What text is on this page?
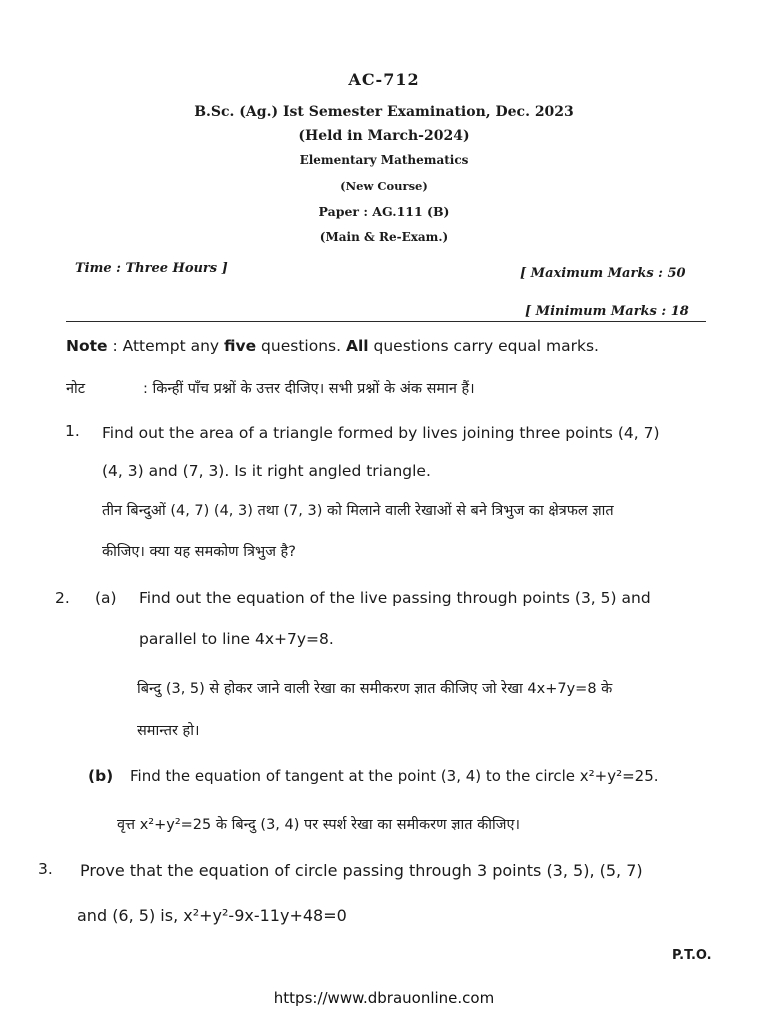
AC-712
B.Sc. (Ag.) Ist Semester Examination, Dec. 2023
(Held in March-2024)
Elementary Mathematics
(New Course)
Paper : AG.111 (B)
(Main & Re-Exam.)
Time : Three Hours ]	[ Maximum Marks : 50
[ Minimum Marks : 18
Note : Attempt any five questions. All questions carry equal marks.
नोट	: किन्हीं पाँच प्रश्नों के उत्तर दीजिए। सभी प्रश्नों के अंक समान हैं।
1. Find out the area of a triangle formed by lives joining three points (4, 7)
(4, 3) and (7, 3). Is it right angled triangle.
तीन बिन्दुओं (4, 7) (4, 3) तथा (7, 3) को मिलाने वाली रेखाओं से बने त्रिभुज का क्षेत्रफल ज्ञात
कीजिए। क्या यह समकोण त्रिभुज है?
2. (a) Find out the equation of the live passing through points (3, 5) and
parallel to line 4x+7y=8.
बिन्दु (3, 5) से होकर जाने वाली रेखा का समीकरण ज्ञात कीजिए जो रेखा 4x+7y=8 के
समान्तर हो।
(b) Find the equation of tangent at the point (3, 4) to the circle x²+y²=25.
वृत्त x²+y²=25 के बिन्दु (3, 4) पर स्पर्श रेखा का समीकरण ज्ञात कीजिए।
3. Prove that the equation of circle passing through 3 points (3, 5), (5, 7)
and (6, 5) is, x²+y²-9x-11y+48=0
P.T.O.
https://www.dbrauonline.com
